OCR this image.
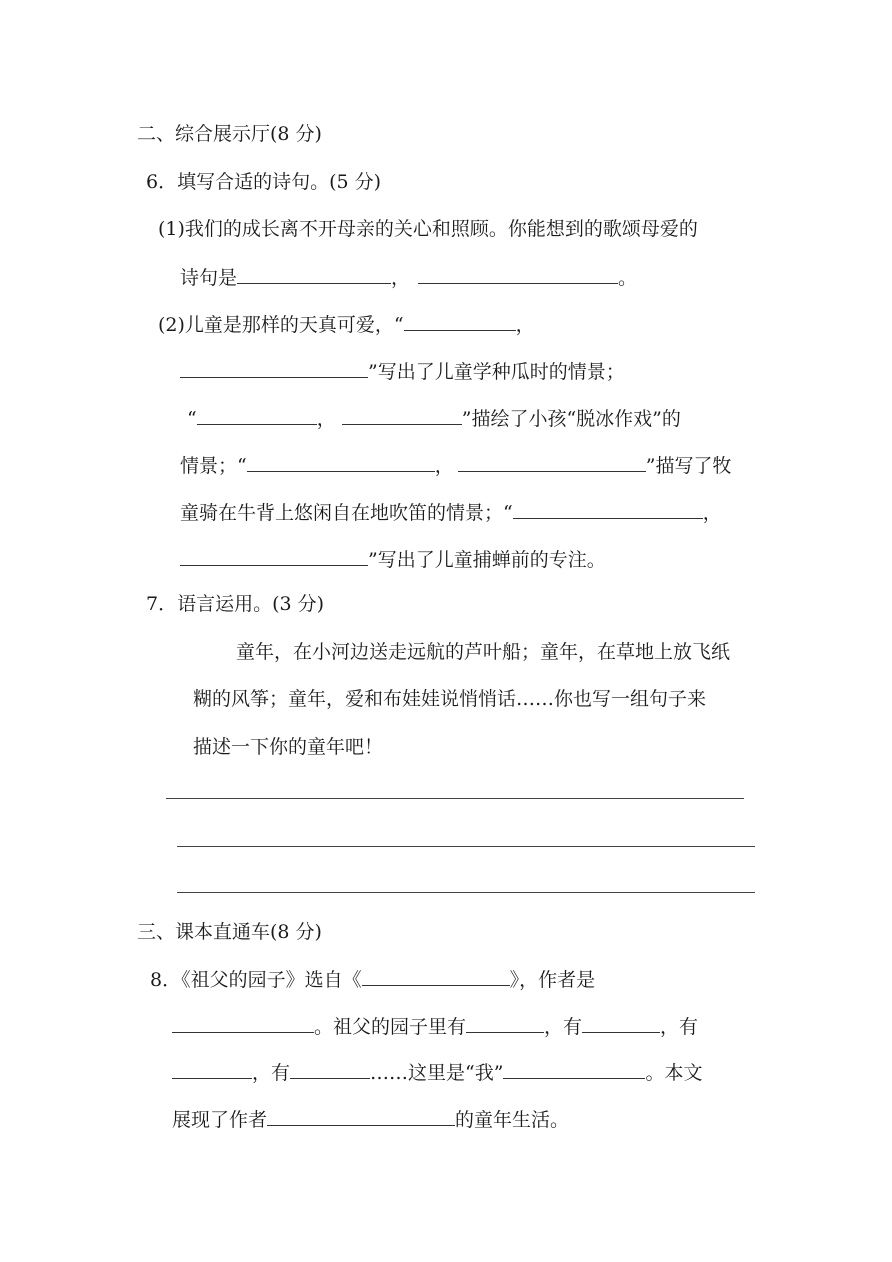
二、综合展示厅(8 分)
6．填写合适的诗句。(5 分)
(1)我们的成长离不开母亲的关心和照顾。你能想到的歌颂母爱的
诗句是	，	。
(2)儿童是那样的天真可爱，“	，
”写出了儿童学种瓜时的情景；
“	，	”描绘了小孩“脱冰作戏”的
情景；“	，	”描写了牧
童骑在牛背上悠闲自在地吹笛的情景；“	，
”写出了儿童捕蝉前的专注。
7．语言运用。(3 分)
童年，在小河边送走远航的芦叶船；童年，在草地上放飞纸
糊的风筝；童年，爱和布娃娃说悄悄话……你也写一组句子来
描述一下你的童年吧！
三、课本直通车(8 分)
8．《祖父的园子》选自《	》，作者是
。祖父的园子里有	，有	，有
，有	……这里是“我”	。本文
展现了作者	的童年生活。
